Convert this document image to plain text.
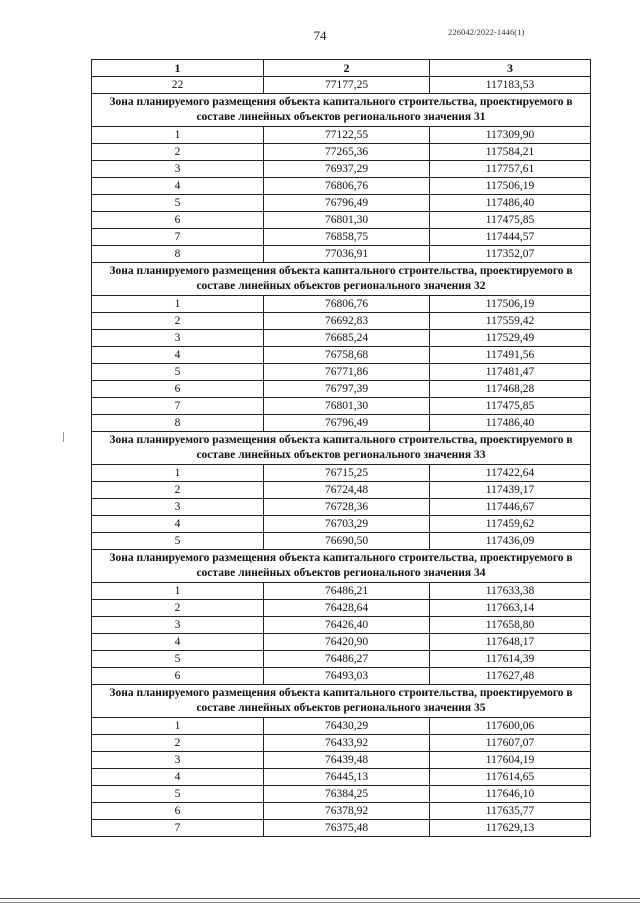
74	226042/2022-1446(1)
1	2	3
22	77177,25	117183,53
Зона планируемого размещения объекта капитального строительства, проектируемого в составе линейных объектов регионального значения 31		
1	77122,55	117309,90
2	77265,36	117584,21
3	76937,29	117757,61
4	76806,76	117506,19
5	76796,49	117486,40
6	76801,30	117475,85
7	76858,75	117444,57
8	77036,91	117352,07
Зона планируемого размещения объекта капитального строительства, проектируемого в составе линейных объектов регионального значения 32		
1	76806,76	117506,19
2	76692,83	117559,42
3	76685,24	117529,49
4	76758,68	117491,56
5	76771,86	117481,47
6	76797,39	117468,28
7	76801,30	117475,85
8	76796,49	117486,40
Зона планируемого размещения объекта капитального строительства, проектируемого в составе линейных объектов регионального значения 33		
1	76715,25	117422,64
2	76724,48	117439,17
3	76728,36	117446,67
4	76703,29	117459,62
5	76690,50	117436,09
Зона планируемого размещения объекта капитального строительства, проектируемого в составе линейных объектов регионального значения 34		
1	76486,21	117633,38
2	76428,64	117663,14
3	76426,40	117658,80
4	76420,90	117648,17
5	76486,27	117614,39
6	76493,03	117627,48
Зона планируемого размещения объекта капитального строительства, проектируемого в составе линейных объектов регионального значения 35		
1	76430,29	117600,06
2	76433,92	117607,07
3	76439,48	117604,19
4	76445,13	117614,65
5	76384,25	117646,10
6	76378,92	117635,77
7	76375,48	117629,13
